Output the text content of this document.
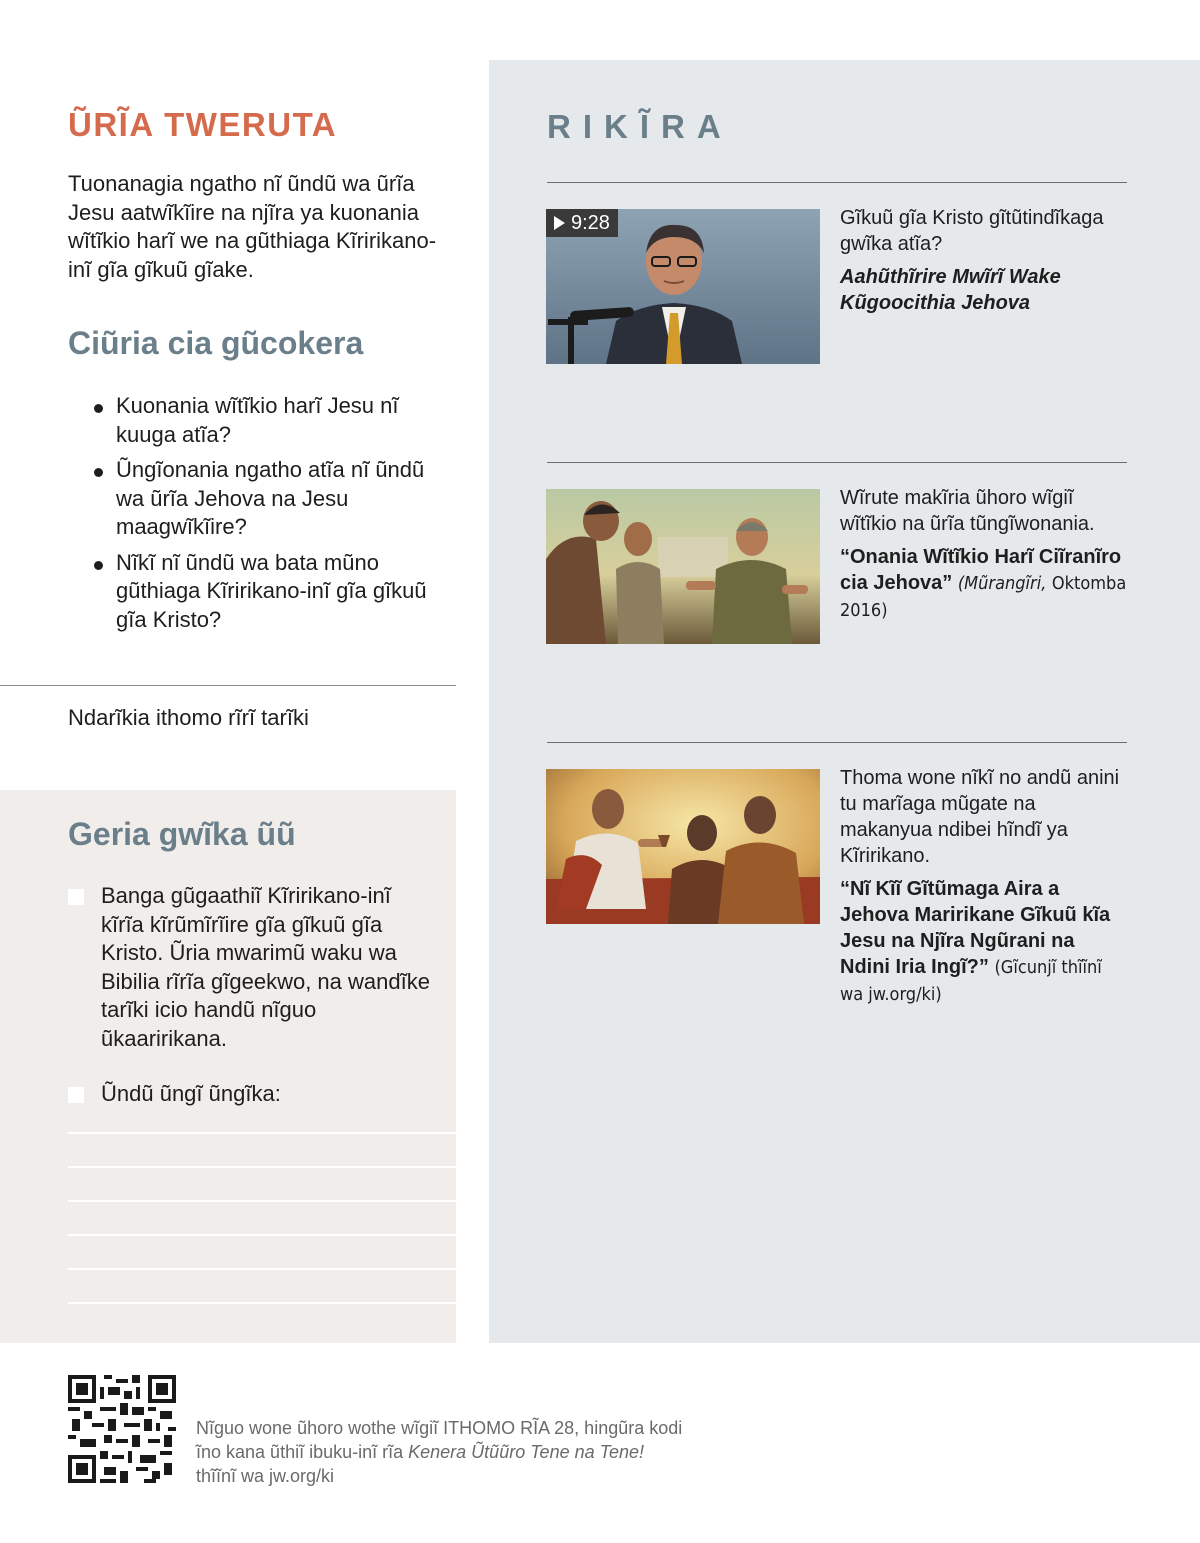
ŨRĨA TWERUTA

Tuonanagia ngatho nĩ ũndũ wa ũrĩa Jesu aatwĩkĩire na njĩra ya kuonania wĩtĩkio harĩ we na gũthiaga Kĩririkano-inĩ gĩa gĩkuũ gĩake.

Ciũria cia gũcokera
Kuonania wĩtĩkio harĩ Jesu nĩ kuuga atĩa?
Ũngĩonania ngatho atĩa nĩ ũndũ wa ũrĩa Jehova na Jesu maagwĩkĩire?
Nĩkĩ nĩ ũndũ wa bata mũno gũthiaga Kĩririkano-inĩ gĩa gĩkuũ gĩa Kristo?
Ndarĩkia ithomo rĩrĩ tarĩki
Geria gwĩka ũũ
Banga gũgaathiĩ Kĩririkano-inĩ kĩrĩa kĩrũmĩrĩire gĩa gĩkuũ gĩa Kristo. Ũria mwarimũ waku wa Bibilia rĩrĩa gĩgeekwo, na wandĩke tarĩki icio handũ nĩguo ũkaaririkana.
Ũndũ ũngĩ ũngĩka:
RIKĨRA
9:28	Gĩkuũ gĩa Kristo gĩtũtindĩkaga gwĩka atĩa?
Aahũthĩrire Mwĩrĩ Wake Kũgoocithia Jehova
Wĩrute makĩria ũhoro wĩgiĩ wĩtĩkio na ũrĩa tũngĩwonania.
“Onania Wĩtĩkio Harĩ Ciĩranĩro cia Jehova” (Mũrangĩri, Oktomba 2016)
Thoma wone nĩkĩ no andũ anini tu marĩaga mũgate na makanyua ndibei hĩndĩ ya Kĩririkano.
“Nĩ Kĩĩ Gĩtũmaga Aira a Jehova Maririkane Gĩkuũ kĩa Jesu na Njĩra Ngũrani na Ndini Iria Ingĩ?” (Gĩcunjĩ thĩĩnĩ wa jw.org/ki)
Nĩguo wone ũhoro wothe wĩgiĩ ITHOMO RĨA 28, hingũra kodi
ĩno kana ũthiĩ ibuku-inĩ rĩa Kenera Ũtũũro Tene na Tene!
thĩĩnĩ wa jw.org/ki
